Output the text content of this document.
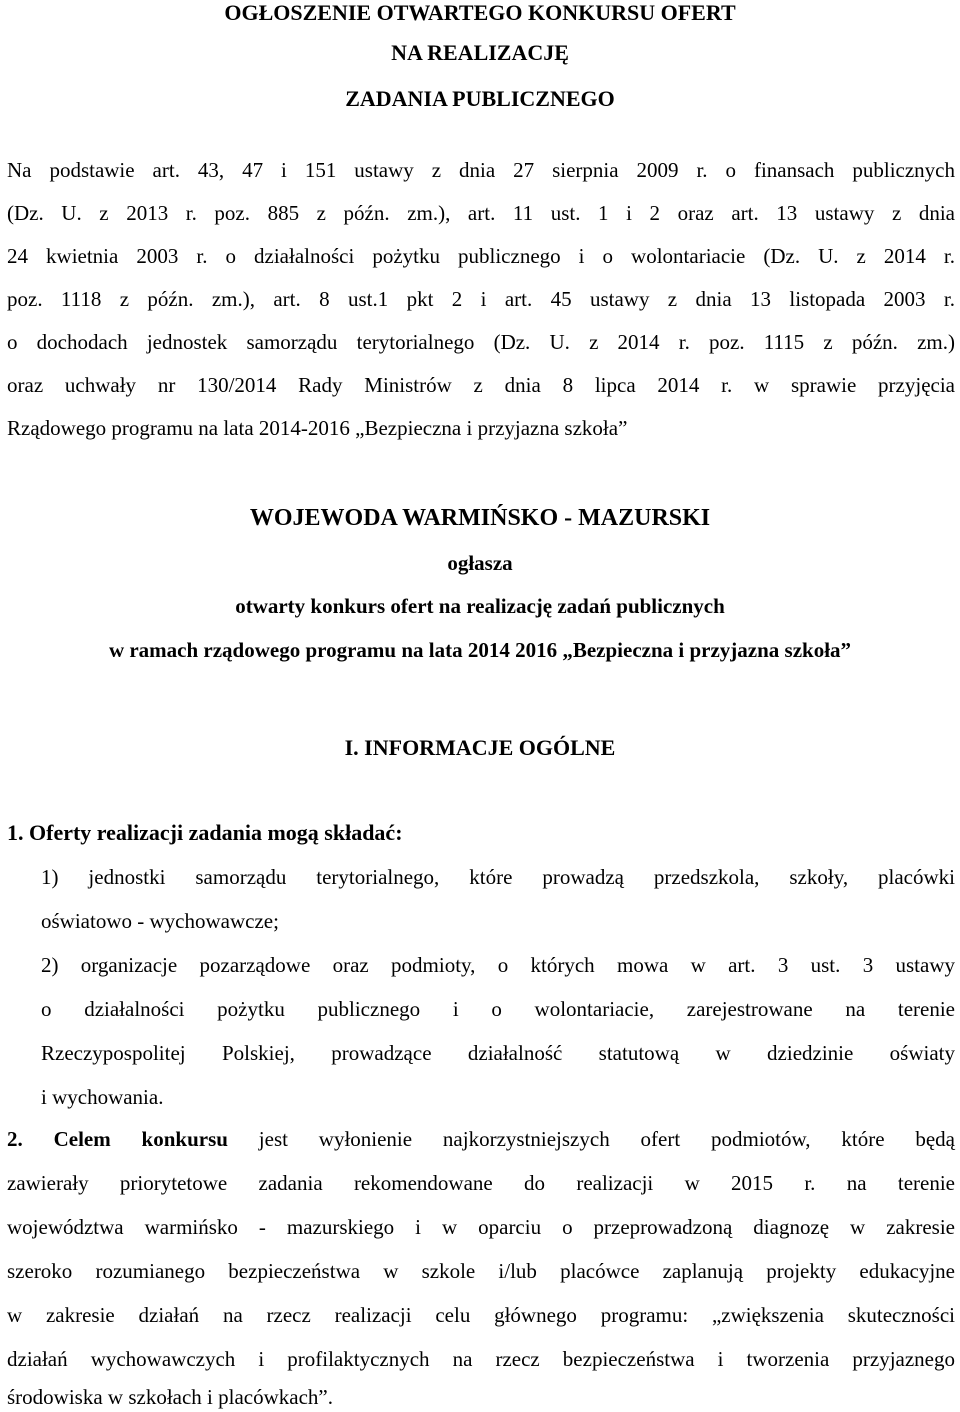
OGŁOSZENIE OTWARTEGO KONKURSU OFERT

NA REALIZACJĘ

ZADANIA PUBLICZNEGO

Na podstawie art. 43, 47 i 151 ustawy z dnia 27 sierpnia 2009 r. o finansach publicznych

(Dz. U. z 2013 r. poz. 885 z późn. zm.), art. 11 ust. 1 i 2 oraz art. 13 ustawy z dnia

24 kwietnia 2003 r. o działalności pożytku publicznego i o wolontariacie (Dz. U. z 2014 r.

poz. 1118 z późn. zm.), art. 8 ust.1 pkt 2 i art. 45 ustawy z dnia 13 listopada 2003 r.

o dochodach jednostek samorządu terytorialnego (Dz. U. z 2014 r. poz. 1115 z późn. zm.)

oraz uchwały nr 130/2014 Rady Ministrów z dnia 8 lipca 2014 r. w sprawie przyjęcia

Rządowego programu na lata 2014-2016 „Bezpieczna i przyjazna szkoła”

WOJEWODA WARMIŃSKO - MAZURSKI

ogłasza

otwarty konkurs ofert na realizację zadań publicznych

w ramach rządowego programu na lata 2014 2016 „Bezpieczna i przyjazna szkoła”

I. INFORMACJE OGÓLNE

1. Oferty realizacji zadania mogą składać:

1) jednostki samorządu terytorialnego, które prowadzą przedszkola, szkoły, placówki

oświatowo - wychowawcze;

2) organizacje pozarządowe oraz podmioty, o których mowa w art. 3 ust. 3 ustawy

o działalności pożytku publicznego i o wolontariacie, zarejestrowane na terenie

Rzeczypospolitej Polskiej, prowadzące działalność statutową w dziedzinie oświaty

i wychowania.

2. Celem konkursu jest wyłonienie najkorzystniejszych ofert podmiotów, które będą

zawierały priorytetowe zadania rekomendowane do realizacji w 2015 r. na terenie

województwa warmińsko - mazurskiego i w oparciu o przeprowadzoną diagnozę w zakresie

szeroko rozumianego bezpieczeństwa w szkole i/lub placówce zaplanują projekty edukacyjne

w zakresie działań na rzecz realizacji celu głównego programu: „zwiększenia skuteczności

działań wychowawczych i profilaktycznych na rzecz bezpieczeństwa i tworzenia przyjaznego

środowiska w szkołach i placówkach”.
